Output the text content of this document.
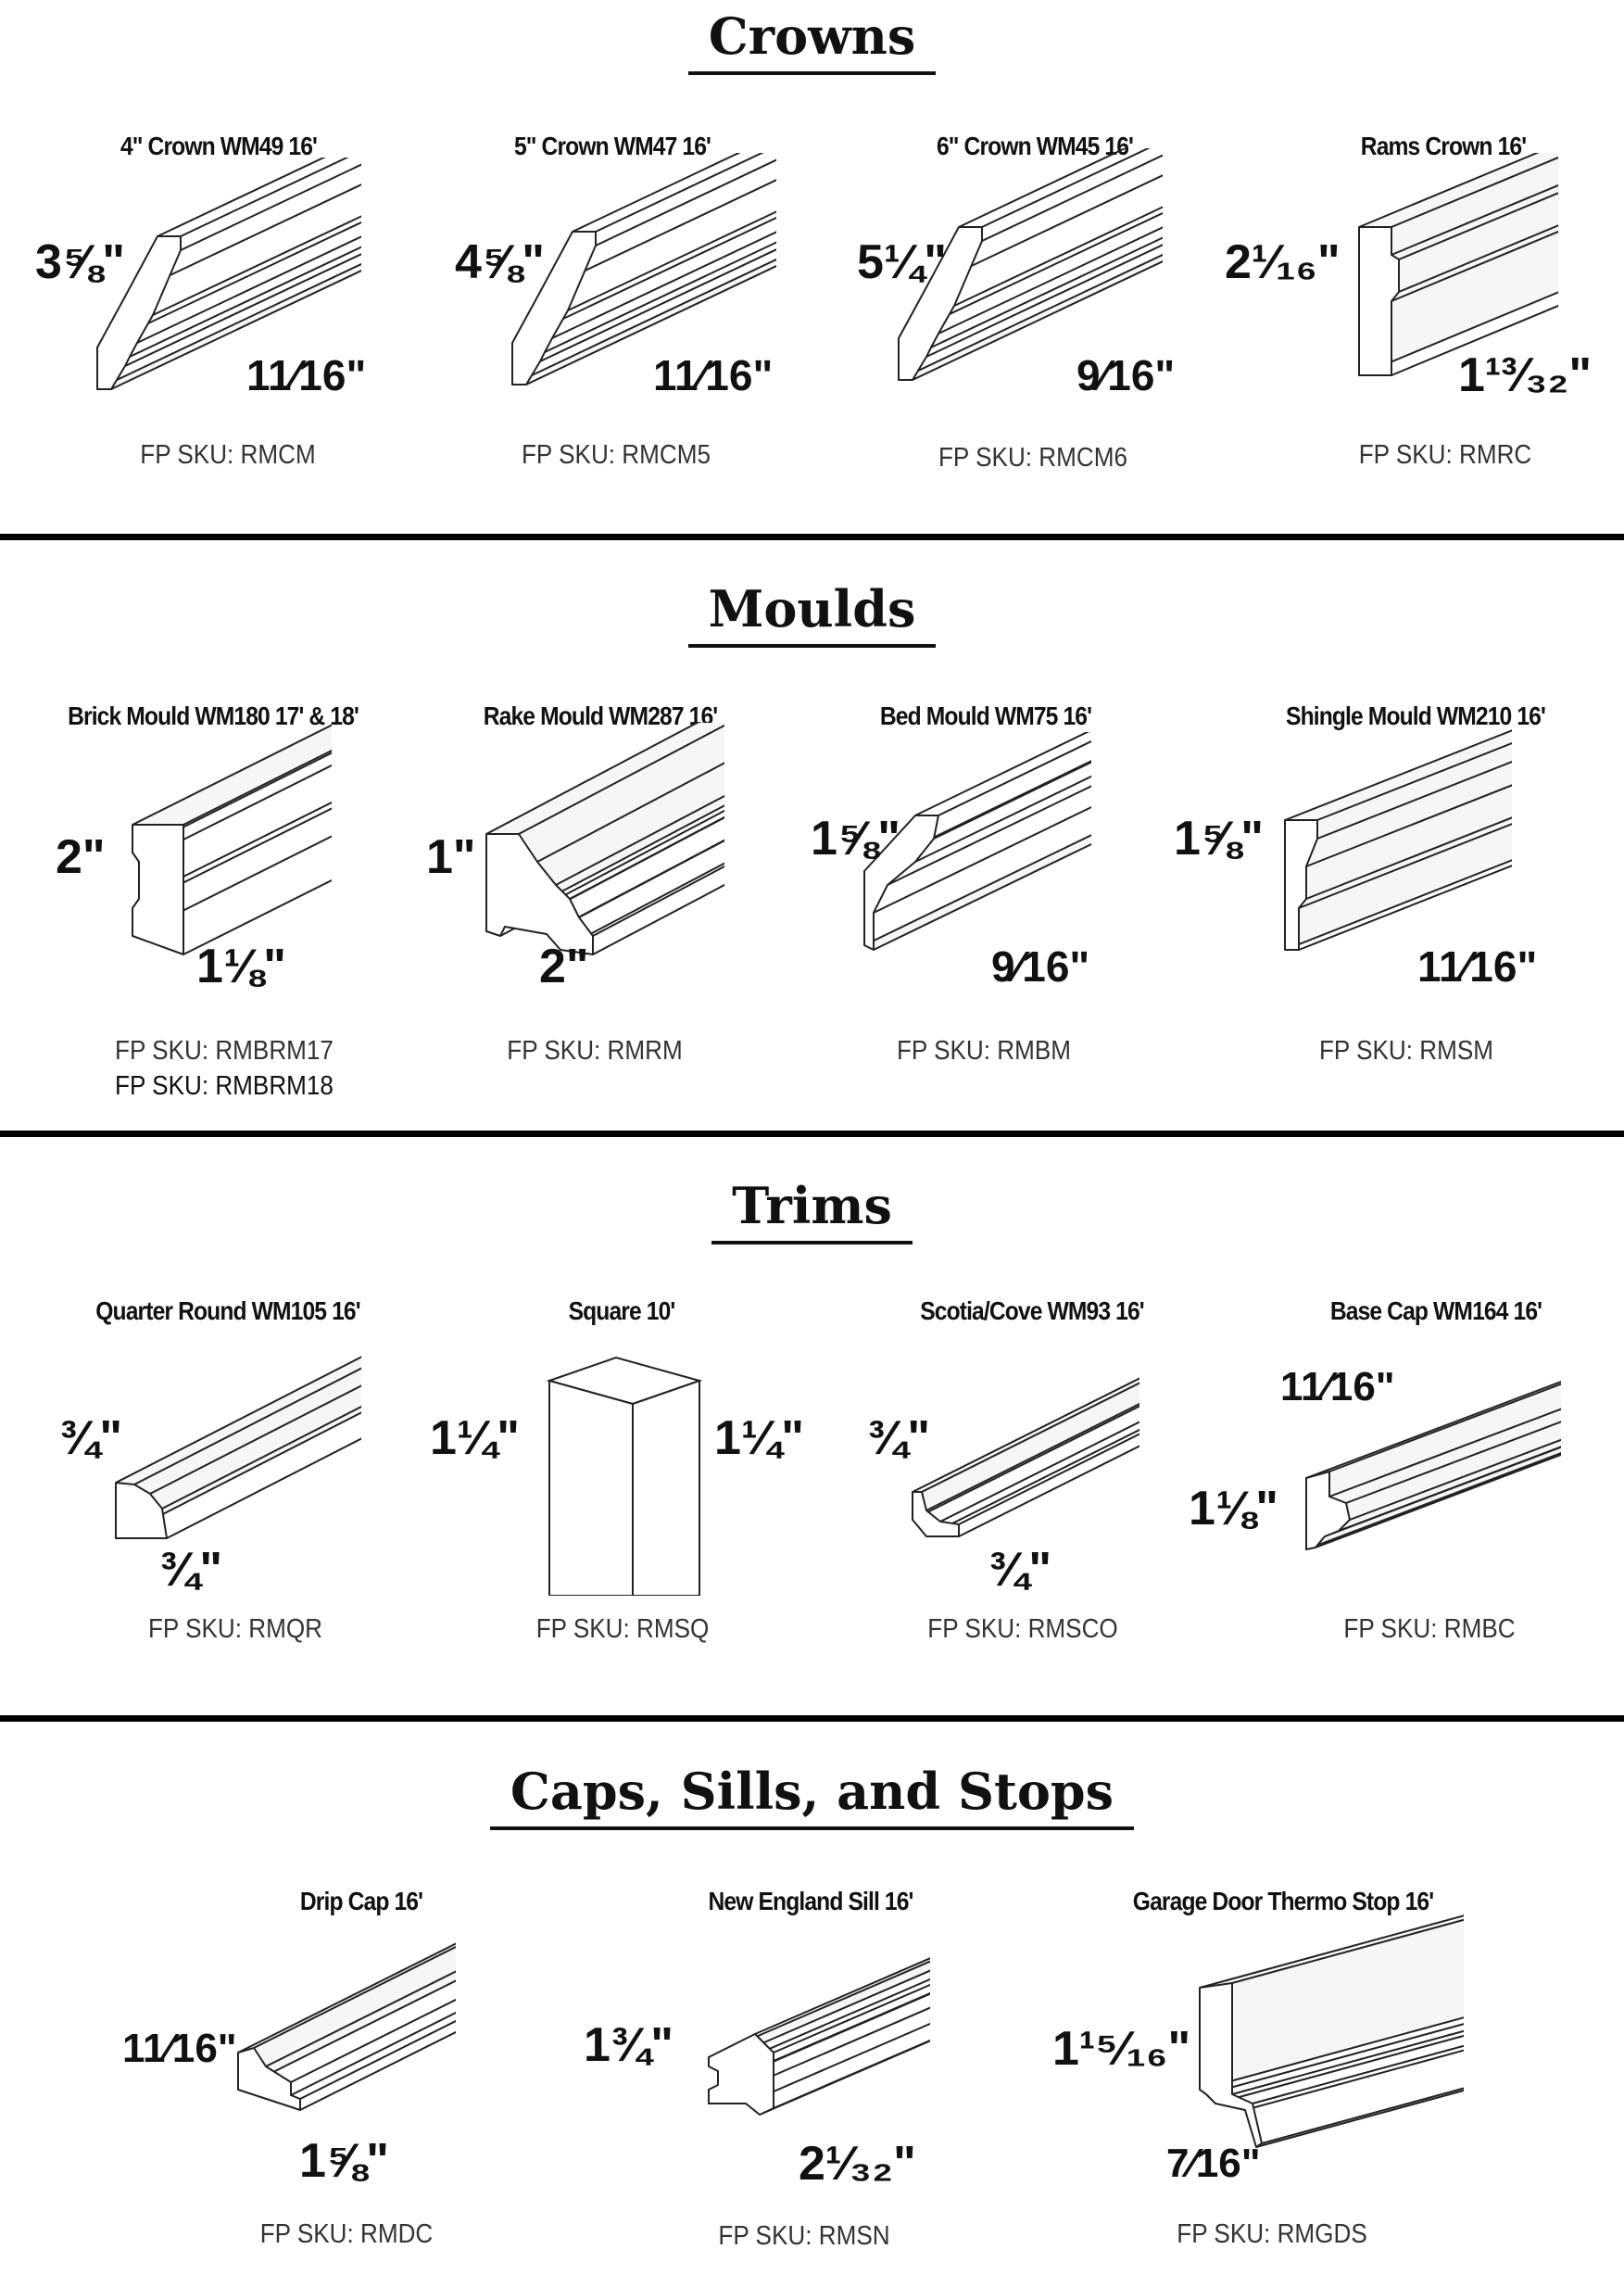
Crowns
4" Crown WM49 16'
3⅝"
11⁄16"
FP SKU: RMCM
5" Crown WM47 16'
4⅝"
11⁄16"
FP SKU: RMCM5
6" Crown WM45 16'
5¼"
9⁄16"
FP SKU: RMCM6
Rams Crown 16'
2¹⁄₁₆"
1¹³⁄₃₂"
FP SKU: RMRC
Moulds
Brick Mould WM180 17' & 18'
2"
1⅛"
FP SKU: RMBRM17
FP SKU: RMBRM18
Rake Mould WM287 16'
1"
2"
FP SKU: RMRM
Bed Mould WM75 16'
1⅝"
9⁄16"
FP SKU: RMBM
Shingle Mould WM210 16'
1⅝"
11⁄16"
FP SKU: RMSM
Trims
Quarter Round WM105 16'
¾"
¾"
FP SKU: RMQR
Square 10'
1¼"	1¼"
FP SKU: RMSQ
Scotia/Cove WM93 16'
¾"
¾"
FP SKU: RMSCO
Base Cap WM164 16'
11⁄16"
1⅛"
FP SKU: RMBC
Caps, Sills, and Stops
Drip Cap 16'
11⁄16"
1⅝"
FP SKU: RMDC
New England Sill 16'
1¾"
2¹⁄₃₂"
FP SKU: RMSN
Garage Door Thermo Stop 16'
1¹⁵⁄₁₆"
7⁄16"
FP SKU: RMGDS
